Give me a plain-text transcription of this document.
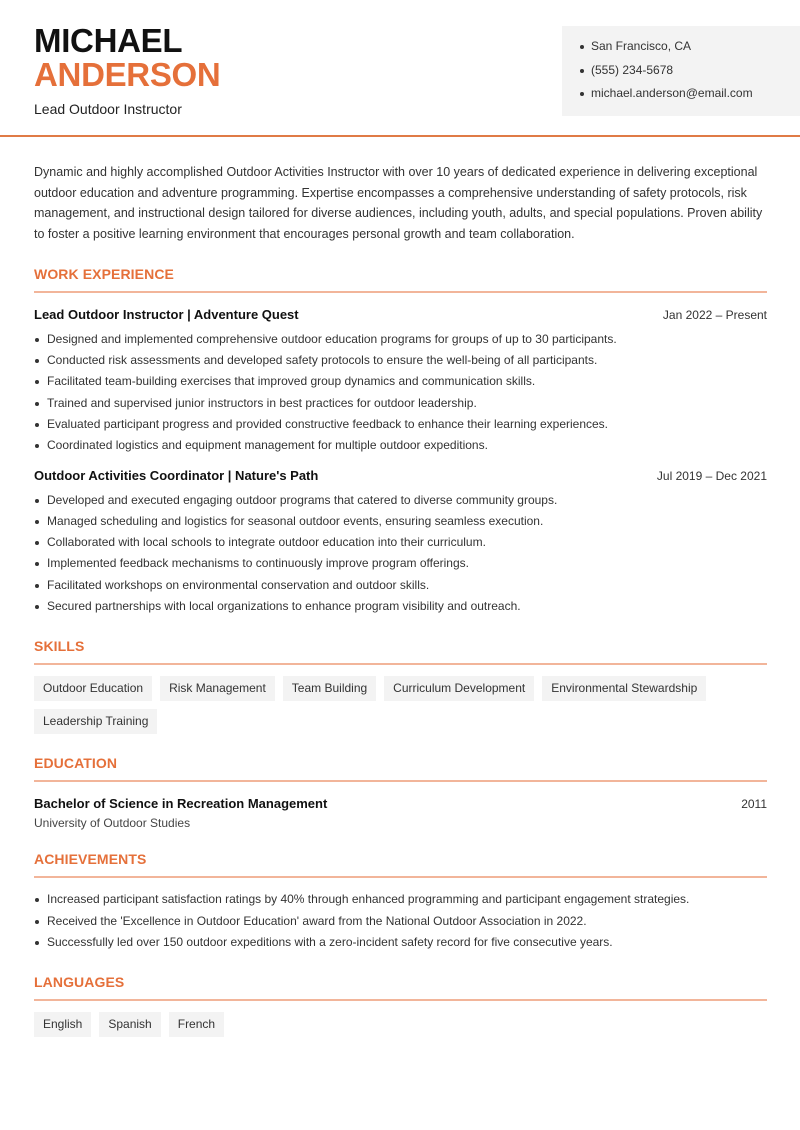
MICHAEL
ANDERSON
Lead Outdoor Instructor
San Francisco, CA
(555) 234-5678
michael.anderson@email.com

Dynamic and highly accomplished Outdoor Activities Instructor with over 10 years of dedicated experience in delivering exceptional outdoor education and adventure programming. Expertise encompasses a comprehensive understanding of safety protocols, risk management, and instructional design tailored for diverse audiences, including youth, adults, and special populations. Proven ability to foster a positive learning environment that encourages personal growth and team collaboration.

WORK EXPERIENCE
Lead Outdoor Instructor | Adventure Quest	Jan 2022 – Present
Designed and implemented comprehensive outdoor education programs for groups of up to 30 participants.
Conducted risk assessments and developed safety protocols to ensure the well-being of all participants.
Facilitated team-building exercises that improved group dynamics and communication skills.
Trained and supervised junior instructors in best practices for outdoor leadership.
Evaluated participant progress and provided constructive feedback to enhance their learning experiences.
Coordinated logistics and equipment management for multiple outdoor expeditions.
Outdoor Activities Coordinator | Nature's Path	Jul 2019 – Dec 2021
Developed and executed engaging outdoor programs that catered to diverse community groups.
Managed scheduling and logistics for seasonal outdoor events, ensuring seamless execution.
Collaborated with local schools to integrate outdoor education into their curriculum.
Implemented feedback mechanisms to continuously improve program offerings.
Facilitated workshops on environmental conservation and outdoor skills.
Secured partnerships with local organizations to enhance program visibility and outreach.
SKILLS
Outdoor Education	Risk Management	Team Building	Curriculum Development	Environmental Stewardship
Leadership Training
EDUCATION
Bachelor of Science in Recreation Management	2011
University of Outdoor Studies
ACHIEVEMENTS
Increased participant satisfaction ratings by 40% through enhanced programming and participant engagement strategies.
Received the 'Excellence in Outdoor Education' award from the National Outdoor Association in 2022.
Successfully led over 150 outdoor expeditions with a zero-incident safety record for five consecutive years.
LANGUAGES
English	Spanish	French
